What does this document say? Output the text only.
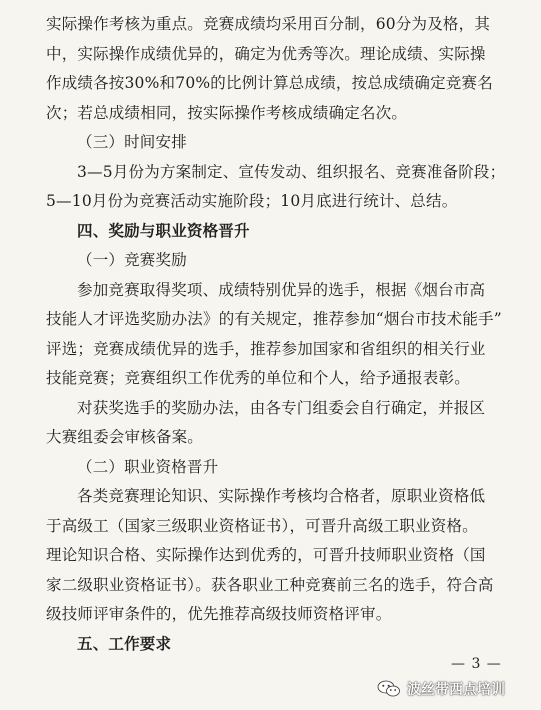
实际操作考核为重点。竞赛成绩均采用百分制，60分为及格，其
中，实际操作成绩优异的，确定为优秀等次。理论成绩、实际操
作成绩各按30%和70%的比例计算总成绩，按总成绩确定竞赛名
次；若总成绩相同，按实际操作考核成绩确定名次。

（三）时间安排

3—5月份为方案制定、宣传发动、组织报名、竞赛准备阶段；
5—10月份为竞赛活动实施阶段；10月底进行统计、总结。

四、奖励与职业资格晋升

（一）竞赛奖励

参加竞赛取得奖项、成绩特别优异的选手，根据《烟台市高
技能人才评选奖励办法》的有关规定，推荐参加“烟台市技术能手”
评选；竞赛成绩优异的选手，推荐参加国家和省组织的相关行业
技能竞赛；竞赛组织工作优秀的单位和个人，给予通报表彰。

对获奖选手的奖励办法，由各专门组委会自行确定，并报区
大赛组委会审核备案。

（二）职业资格晋升

各类竞赛理论知识、实际操作考核均合格者，原职业资格低
于高级工（国家三级职业资格证书），可晋升高级工职业资格。
理论知识合格、实际操作达到优秀的，可晋升技师职业资格（国
家二级职业资格证书）。获各职业工种竞赛前三名的选手，符合高
级技师评审条件的，优先推荐高级技师资格评审。

五、工作要求

— 3 —
波丝带西点培训
